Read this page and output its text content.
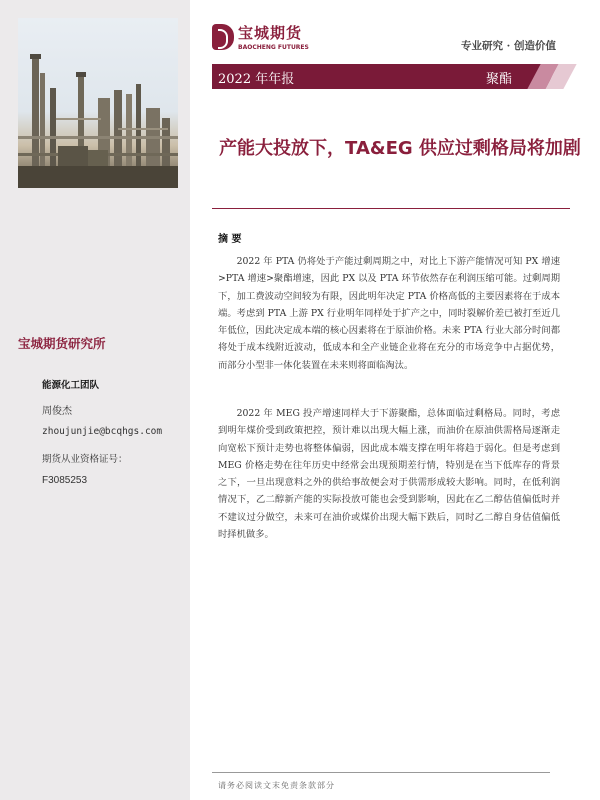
宝城期货研究所
能源化工团队
周俊杰
zhoujunjie@bcqhgs.com
期货从业资格证号：
F3085253
宝城期货
BAOCHENG FUTURES	专业研究 · 创造价值
2022 年年报	聚酯
产能大投放下，TA&EG 供应过剩格局将加剧
摘 要

2022 年 PTA 仍将处于产能过剩周期之中，对比上下游产能情况可知 PX 增速>PTA 增速>聚酯增速，因此 PX 以及 PTA 环节依然存在利润压缩可能。过剩周期下，加工费波动空间较为有限，因此明年决定 PTA 价格高低的主要因素将在于成本端。考虑到 PTA 上游 PX 行业明年同样处于扩产之中，同时裂解价差已被打至近几年低位，因此决定成本端的核心因素将在于原油价格。未来 PTA 行业大部分时间都将处于成本线附近波动，低成本和全产业链企业将在充分的市场竞争中占据优势，而部分小型非一体化装置在未来则将面临淘汰。

2022 年 MEG 投产增速同样大于下游聚酯，总体面临过剩格局。同时，考虑到明年煤价受到政策把控，预计难以出现大幅上涨，而油价在原油供需格局逐渐走向宽松下预计走势也将整体偏弱，因此成本端支撑在明年将趋于弱化。但是考虑到 MEG 价格走势在往年历史中经常会出现预期差行情，特别是在当下低库存的背景之下，一旦出现意料之外的供给事故便会对于供需形成较大影响。同时，在低利润情况下，乙二醇新产能的实际投放可能也会受到影响，因此在乙二醇估值偏低时并不建议过分做空，未来可在油价或煤价出现大幅下跌后，同时乙二醇自身估值偏低时择机做多。

请务必阅读文末免责条款部分
